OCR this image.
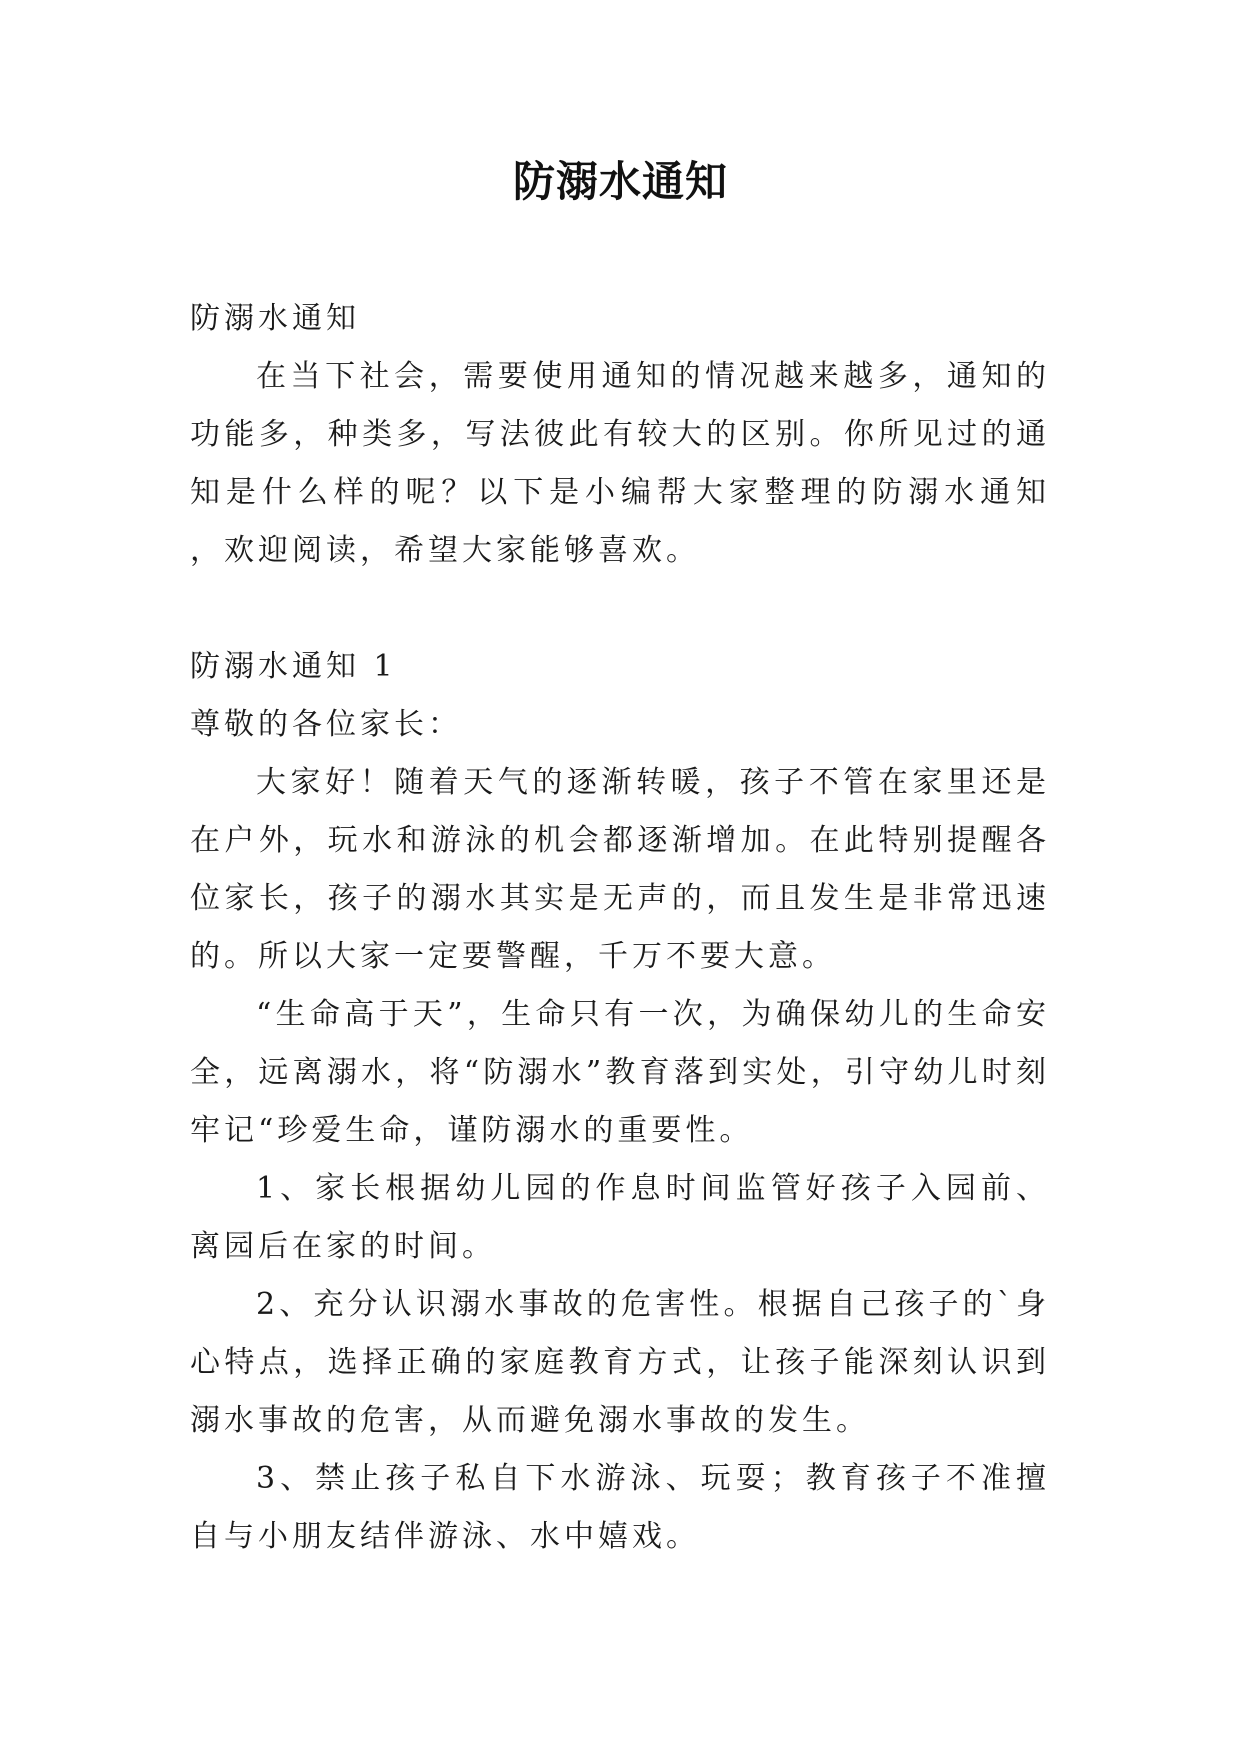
防溺水通知

防溺水通知

在当下社会，需要使用通知的情况越来越多，通知的功能多，种类多，写法彼此有较大的区别。你所见过的通知是什么样的呢？以下是小编帮大家整理的防溺水通知 ，欢迎阅读，希望大家能够喜欢。

防溺水通知 1

尊敬的各位家长：

大家好！随着天气的逐渐转暖，孩子不管在家里还是在户外，玩水和游泳的机会都逐渐增加。在此特别提醒各位家长，孩子的溺水其实是无声的，而且发生是非常迅速的。所以大家一定要警醒，千万不要大意。

“生命高于天”，生命只有一次，为确保幼儿的生命安全，远离溺水，将“防溺水”教育落到实处，引守幼儿时刻牢记“珍爱生命，谨防溺水的重要性。

1、家长根据幼儿园的作息时间监管好孩子入园前、离园后在家的时间。

2、充分认识溺水事故的危害性。根据自己孩子的`身心特点，选择正确的家庭教育方式，让孩子能深刻认识到溺水事故的危害，从而避免溺水事故的发生。

3、禁止孩子私自下水游泳、玩耍；教育孩子不准擅自与小朋友结伴游泳、水中嬉戏。
